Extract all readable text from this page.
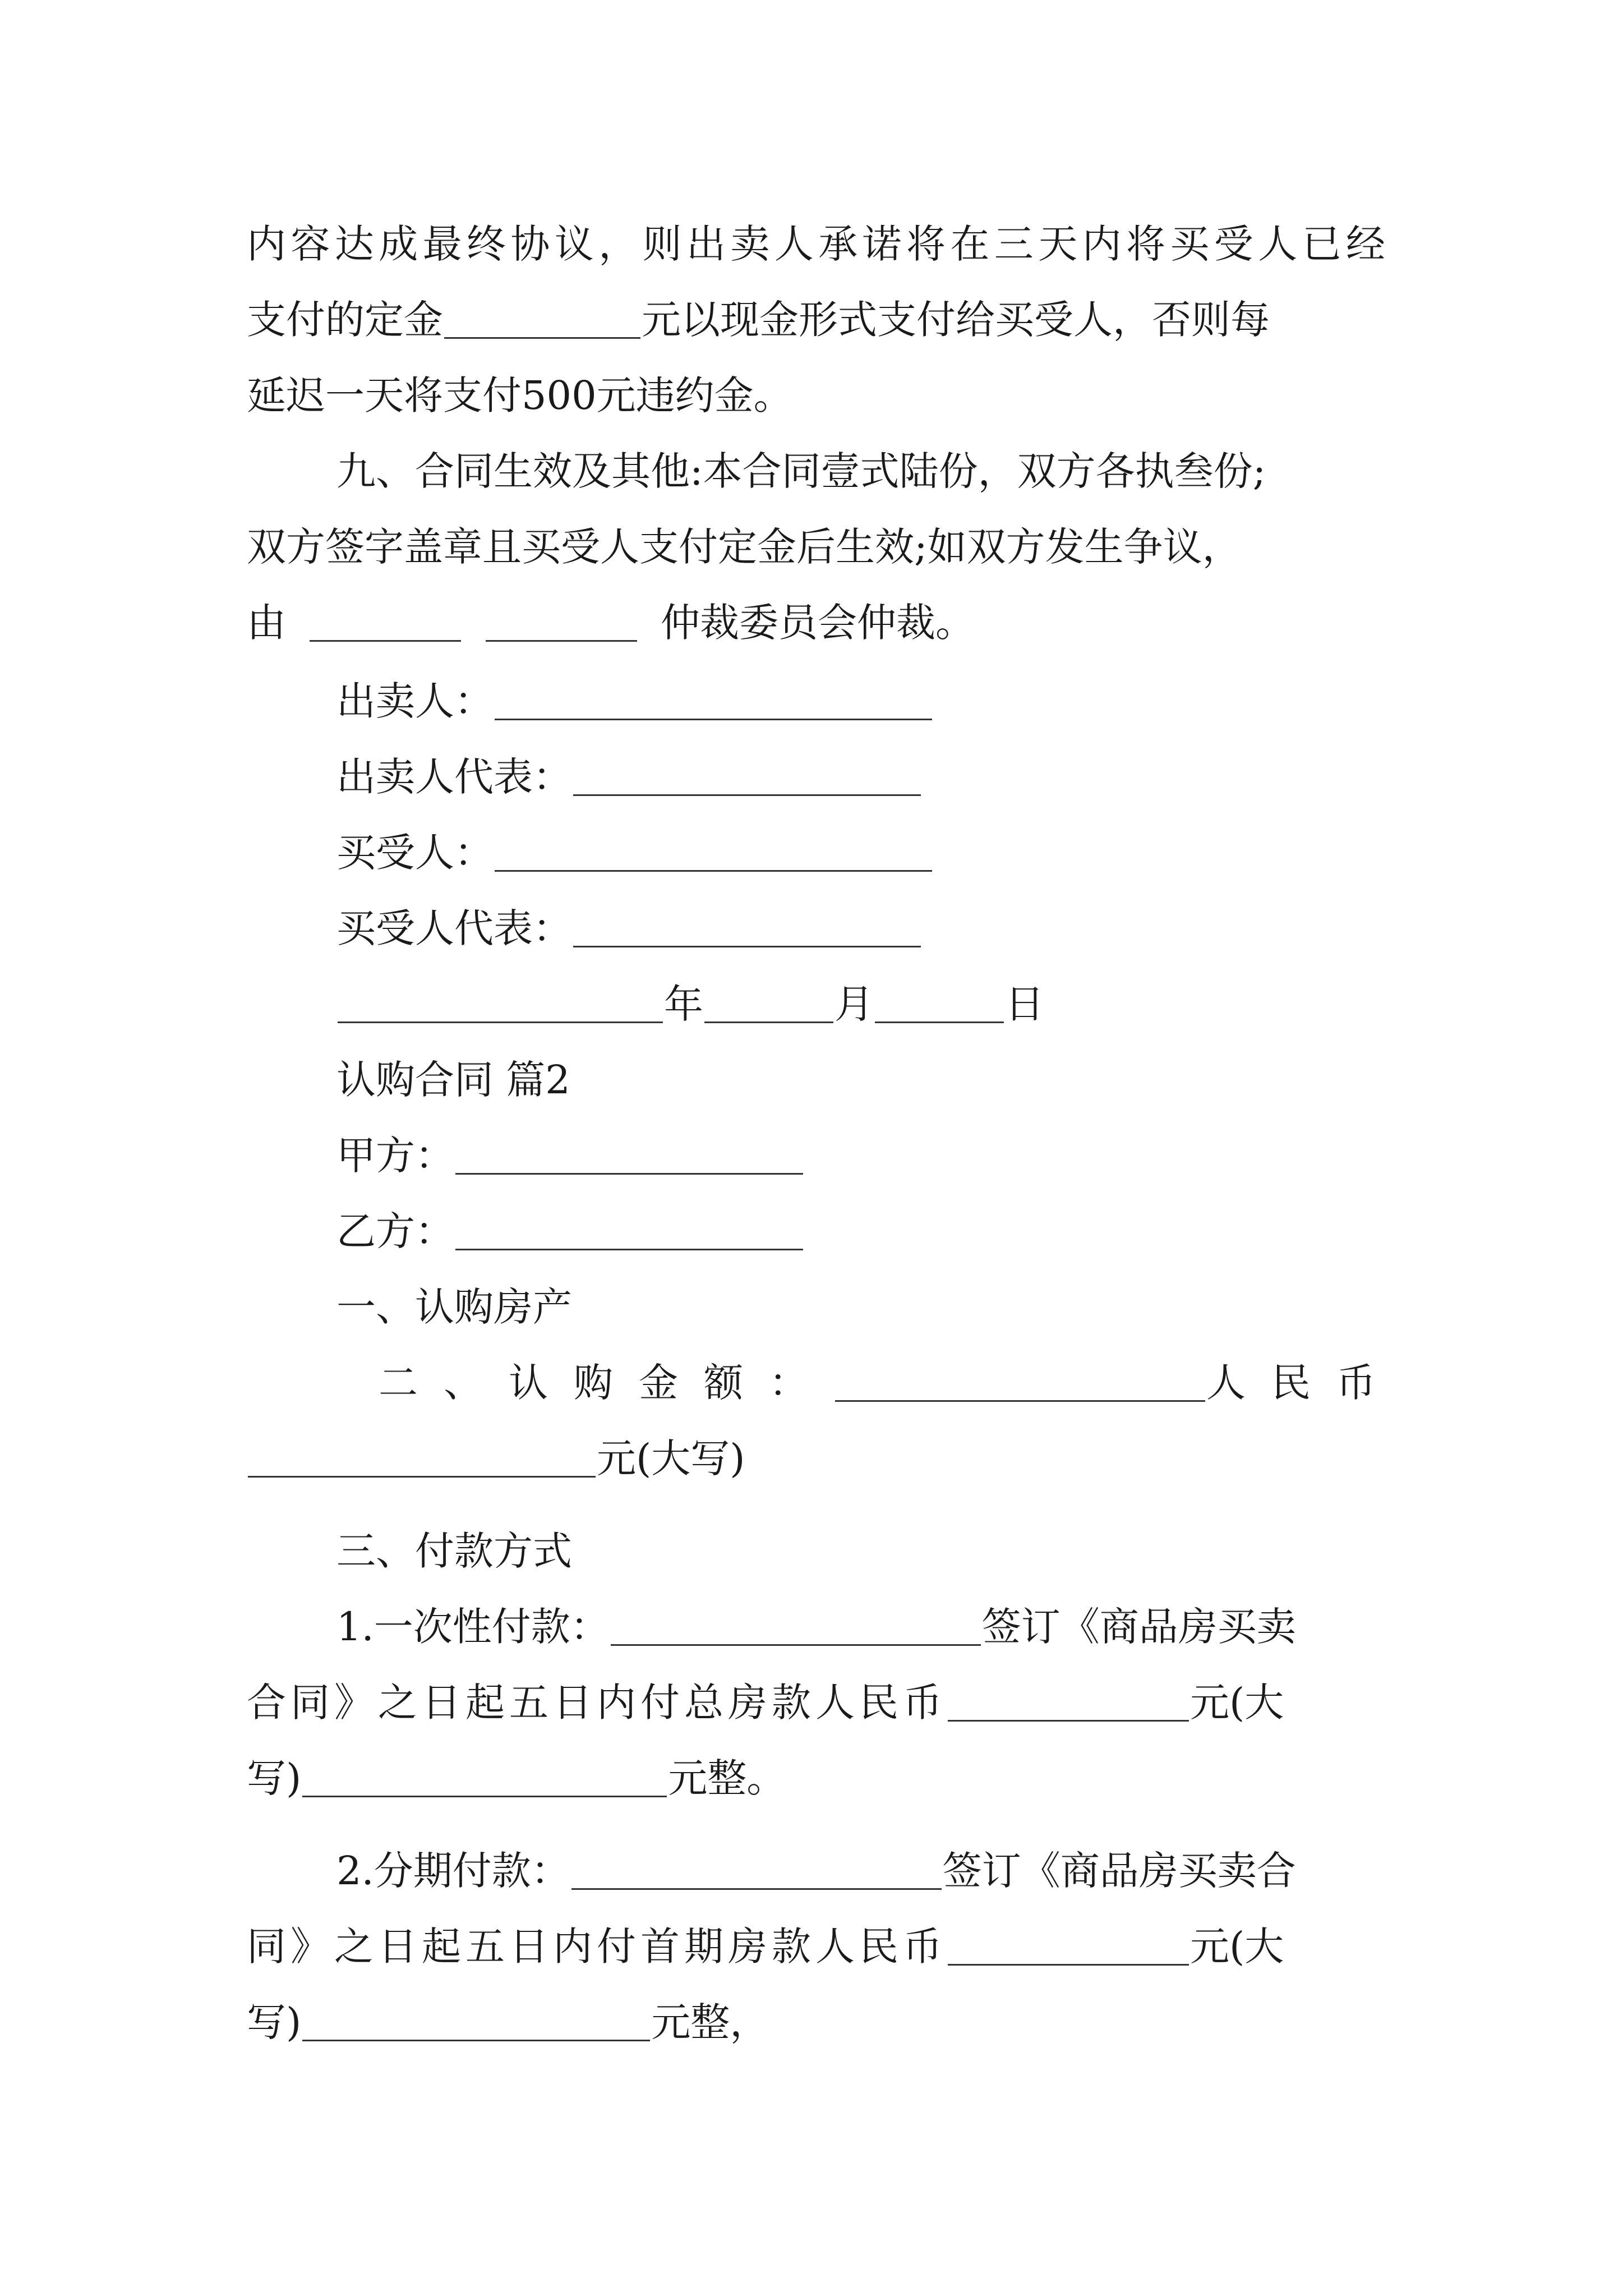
内容达成最终协议，则出卖人承诺将在三天内将买受人已经
支付的定金	元以现金形式支付给买受人，否则每
延迟一天将支付500元违约金。
九、合同生效及其他:本合同壹式陆份，双方各执叁份;
双方签字盖章且买受人支付定金后生效;如双方发生争议，
由	仲裁委员会仲裁。
出卖人：
出卖人代表：
买受人：
买受人代表：
年	月	日
认购合同 篇2
甲方：
乙方：
一、认购房产
二、认购金额：	人民币
元(大写)
三、付款方式
1.一次性付款：	签订《商品房买卖
合同》之日起五日内付总房款人民币	元(大
写)	元整。
2.分期付款：	签订《商品房买卖合
同》之日起五日内付首期房款人民币	元(大
写)	元整，
